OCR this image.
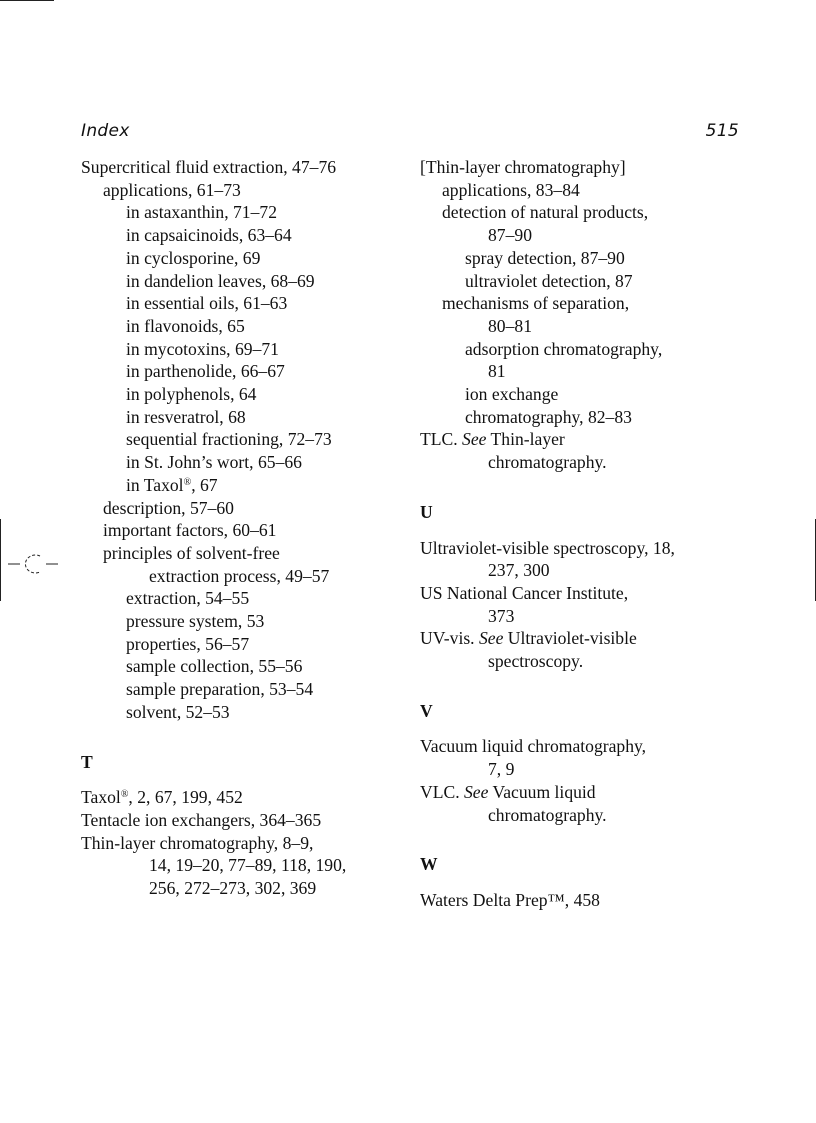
Index	515
Supercritical fluid extraction, 47–76
applications, 61–73
in astaxanthin, 71–72
in capsaicinoids, 63–64
in cyclosporine, 69
in dandelion leaves, 68–69
in essential oils, 61–63
in flavonoids, 65
in mycotoxins, 69–71
in parthenolide, 66–67
in polyphenols, 64
in resveratrol, 68
sequential fractioning, 72–73
in St. John’s wort, 65–66
in Taxol®, 67
description, 57–60
important factors, 60–61
principles of solvent-free
extraction process, 49–57
extraction, 54–55
pressure system, 53
properties, 56–57
sample collection, 55–56
sample preparation, 53–54
solvent, 52–53
T
Taxol®, 2, 67, 199, 452
Tentacle ion exchangers, 364–365
Thin-layer chromatography, 8–9,
14, 19–20, 77–89, 118, 190,
256, 272–273, 302, 369
[Thin-layer chromatography]
applications, 83–84
detection of natural products,
87–90
spray detection, 87–90
ultraviolet detection, 87
mechanisms of separation,
80–81
adsorption chromatography,
81
ion exchange
chromatography, 82–83
TLC. See Thin-layer
chromatography.
U
Ultraviolet-visible spectroscopy, 18,
237, 300
US National Cancer Institute,
373
UV-vis. See Ultraviolet-visible
spectroscopy.
V
Vacuum liquid chromatography,
7, 9
VLC. See Vacuum liquid
chromatography.
W
Waters Delta Prep™, 458
